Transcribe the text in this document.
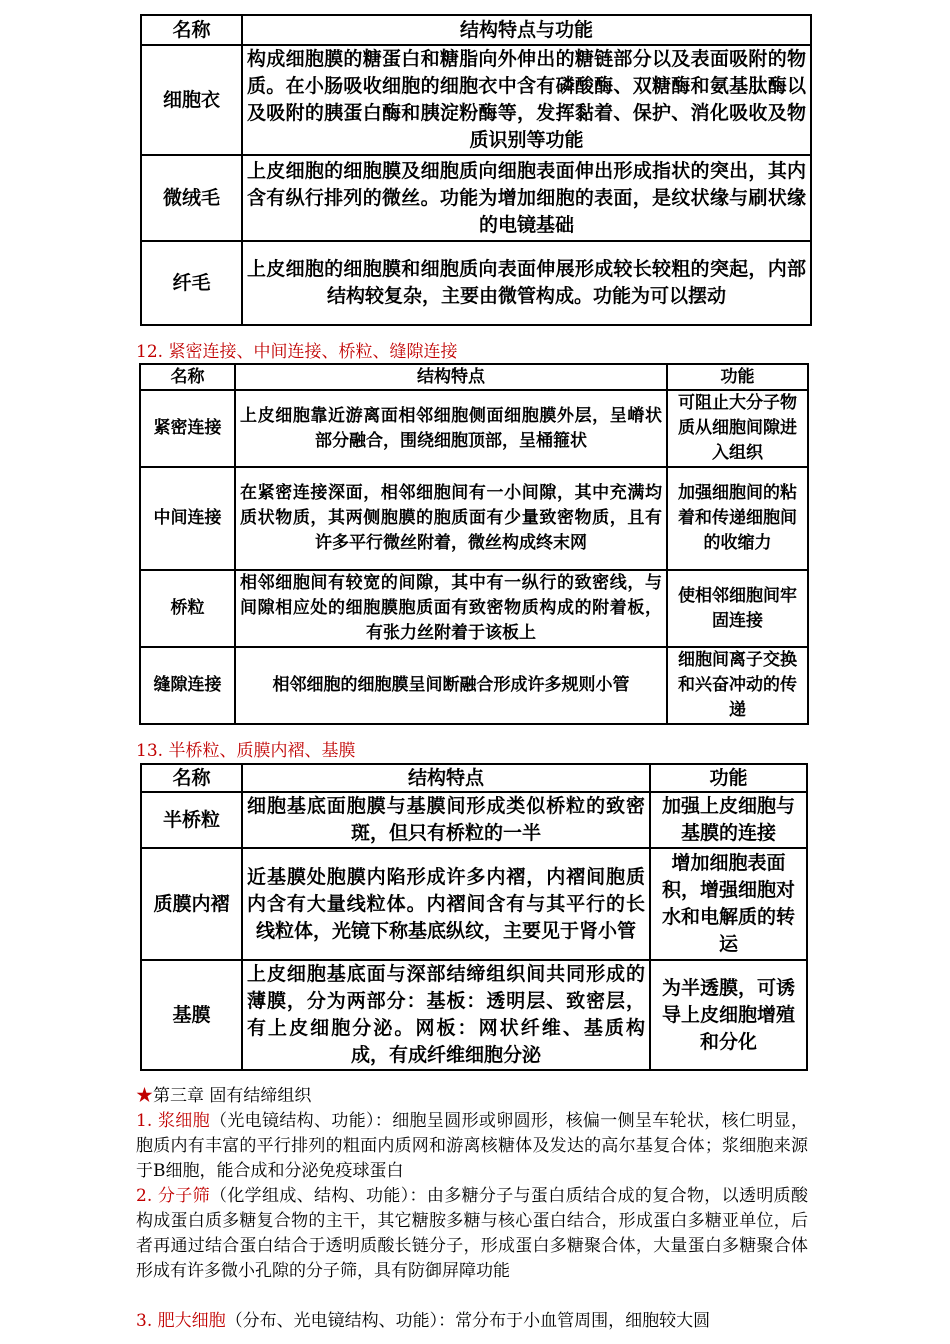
名称	结构特点与功能
细胞衣	构成细胞膜的糖蛋白和糖脂向外伸出的糖链部分以及表面吸附的物质。在小肠吸收细胞的细胞衣中含有磷酸酶、双糖酶和氨基肽酶以及吸附的胰蛋白酶和胰淀粉酶等，发挥黏着、保护、消化吸收及物质识别等功能
微绒毛	上皮细胞的细胞膜及细胞质向细胞表面伸出形成指状的突出，其内含有纵行排列的微丝。功能为增加细胞的表面，是纹状缘与刷状缘的电镜基础
纤毛	上皮细胞的细胞膜和细胞质向表面伸展形成较长较粗的突起，内部结构较复杂，主要由微管构成。功能为可以摆动
12. 紧密连接、中间连接、桥粒、缝隙连接
名称	结构特点	功能
紧密连接	上皮细胞靠近游离面相邻细胞侧面细胞膜外层，呈嵴状部分融合，围绕细胞顶部，呈桶箍状	可阻止大分子物质从细胞间隙进入组织
中间连接	在紧密连接深面，相邻细胞间有一小间隙，其中充满均质状物质，其两侧胞膜的胞质面有少量致密物质，且有许多平行微丝附着，微丝构成终末网	加强细胞间的粘着和传递细胞间的收缩力
桥粒	相邻细胞间有较宽的间隙，其中有一纵行的致密线，与间隙相应处的细胞膜胞质面有致密物质构成的附着板，有张力丝附着于该板上	使相邻细胞间牢固连接
缝隙连接	相邻细胞的细胞膜呈间断融合形成许多规则小管	细胞间离子交换和兴奋冲动的传递
13. 半桥粒、质膜内褶、基膜
名称	结构特点	功能
半桥粒	细胞基底面胞膜与基膜间形成类似桥粒的致密斑，但只有桥粒的一半	加强上皮细胞与基膜的连接
质膜内褶	近基膜处胞膜内陷形成许多内褶，内褶间胞质内含有大量线粒体。内褶间含有与其平行的长线粒体，光镜下称基底纵纹，主要见于肾小管	增加细胞表面积，增强细胞对水和电解质的转运
基膜	上皮细胞基底面与深部结缔组织间共同形成的薄膜，分为两部分：基板：透明层、致密层，有上皮细胞分泌。网板：网状纤维、基质构成，有成纤维细胞分泌	为半透膜，可诱导上皮细胞增殖和分化
★第三章 固有结缔组织
1. 浆细胞（光电镜结构、功能）：细胞呈圆形或卵圆形，核偏一侧呈车轮状，核仁明显，胞质内有丰富的平行排列的粗面内质网和游离核糖体及发达的高尔基复合体；浆细胞来源于B细胞，能合成和分泌免疫球蛋白
2. 分子筛（化学组成、结构、功能）：由多糖分子与蛋白质结合成的复合物，以透明质酸构成蛋白质多糖复合物的主干，其它糖胺多糖与核心蛋白结合，形成蛋白多糖亚单位，后者再通过结合蛋白结合于透明质酸长链分子，形成蛋白多糖聚合体，大量蛋白多糖聚合体形成有许多微小孔隙的分子筛，具有防御屏障功能
3. 肥大细胞（分布、光电镜结构、功能）：常分布于小血管周围，细胞较大圆
